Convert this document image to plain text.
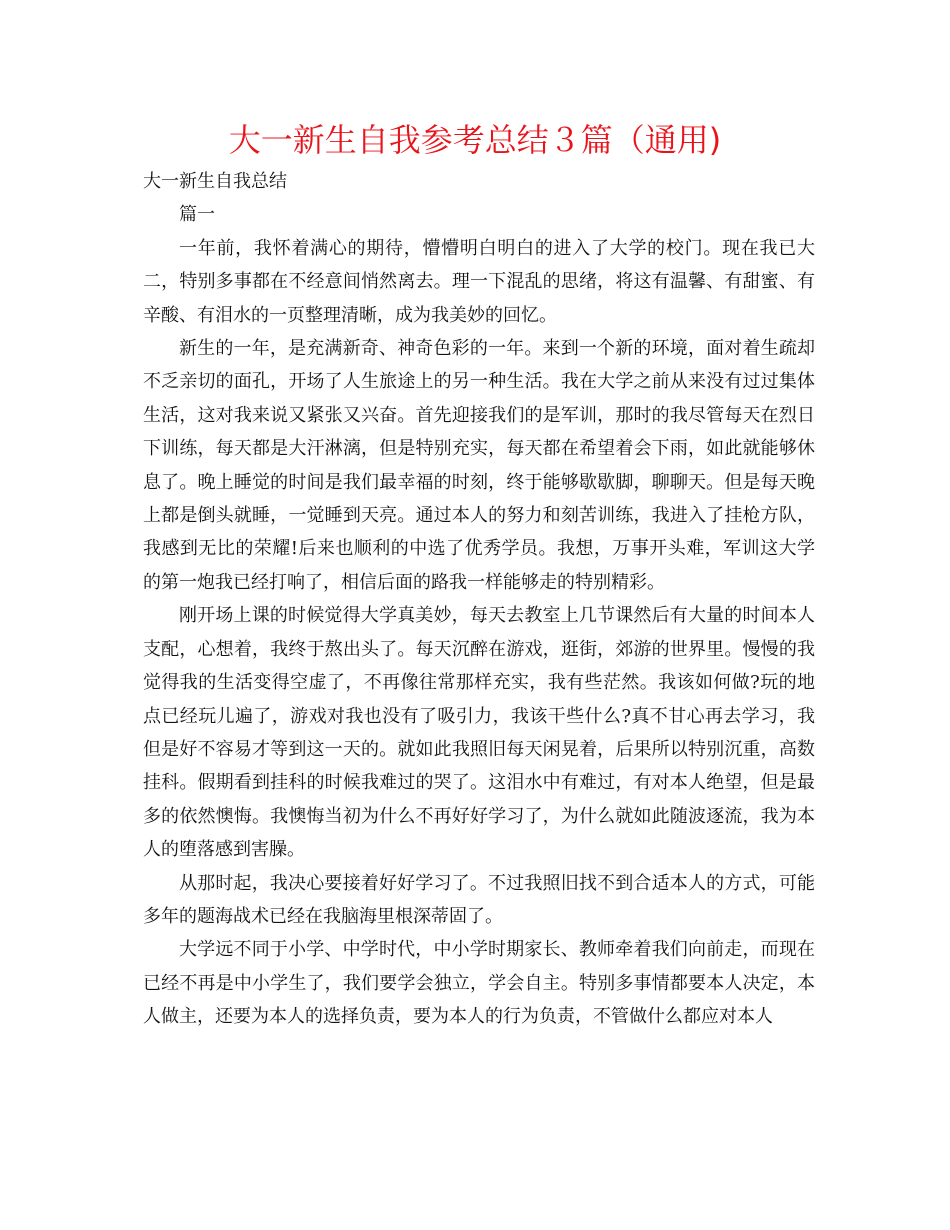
大一新生自我参考总结３篇（通用)

大一新生自我总结

篇一

一年前，我怀着满心的期待，懵懵明白明白的进入了大学的校门。现在我已大二，特别多事都在不经意间悄然离去。理一下混乱的思绪，将这有温馨、有甜蜜、有辛酸、有泪水的一页整理清晰，成为我美妙的回忆。

新生的一年，是充满新奇、神奇色彩的一年。来到一个新的环境，面对着生疏却不乏亲切的面孔，开场了人生旅途上的另一种生活。我在大学之前从来没有过过集体生活，这对我来说又紧张又兴奋。首先迎接我们的是军训，那时的我尽管每天在烈日下训练，每天都是大汗淋漓，但是特别充实，每天都在希望着会下雨，如此就能够休息了。晚上睡觉的时间是我们最幸福的时刻，终于能够歇歇脚，聊聊天。但是每天晚上都是倒头就睡，一觉睡到天亮。通过本人的努力和刻苦训练，我进入了挂枪方队，我感到无比的荣耀!后来也顺利的中选了优秀学员。我想，万事开头难，军训这大学的第一炮我已经打响了，相信后面的路我一样能够走的特别精彩。

刚开场上课的时候觉得大学真美妙，每天去教室上几节课然后有大量的时间本人支配，心想着，我终于熬出头了。每天沉醉在游戏，逛街，郊游的世界里。慢慢的我觉得我的生活变得空虚了，不再像往常那样充实，我有些茫然。我该如何做?玩的地点已经玩儿遍了，游戏对我也没有了吸引力，我该干些什么?真不甘心再去学习，我但是好不容易才等到这一天的。就如此我照旧每天闲晃着，后果所以特别沉重，高数挂科。假期看到挂科的时候我难过的哭了。这泪水中有难过，有对本人绝望，但是最多的依然懊悔。我懊悔当初为什么不再好好学习了，为什么就如此随波逐流，我为本人的堕落感到害臊。

从那时起，我决心要接着好好学习了。不过我照旧找不到合适本人的方式，可能多年的题海战术已经在我脑海里根深蒂固了。

大学远不同于小学、中学时代，中小学时期家长、教师牵着我们向前走，而现在已经不再是中小学生了，我们要学会独立，学会自主。特别多事情都要本人决定，本人做主，还要为本人的选择负责，要为本人的行为负责，不管做什么都应对本人
